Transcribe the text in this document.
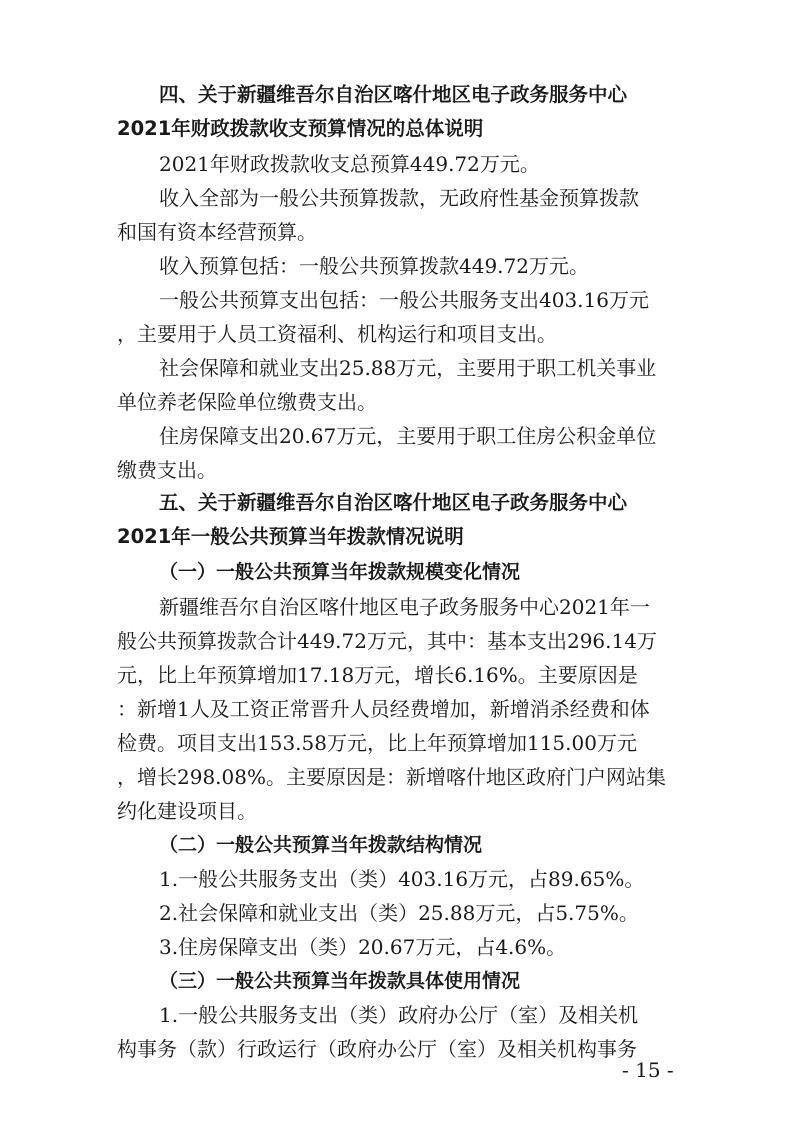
四、关于新疆维吾尔自治区喀什地区电子政务服务中心
2021年财政拨款收支预算情况的总体说明
2021年财政拨款收支总预算449.72万元。
收入全部为一般公共预算拨款，无政府性基金预算拨款
和国有资本经营预算。
收入预算包括：一般公共预算拨款449.72万元。
一般公共预算支出包括：一般公共服务支出403.16万元
，主要用于人员工资福利、机构运行和项目支出。
社会保障和就业支出25.88万元，主要用于职工机关事业
单位养老保险单位缴费支出。
住房保障支出20.67万元，主要用于职工住房公积金单位
缴费支出。
五、关于新疆维吾尔自治区喀什地区电子政务服务中心
2021年一般公共预算当年拨款情况说明
（一）一般公共预算当年拨款规模变化情况
新疆维吾尔自治区喀什地区电子政务服务中心2021年一
般公共预算拨款合计449.72万元，其中：基本支出296.14万
元，比上年预算增加17.18万元，增长6.16%。主要原因是
：新增1人及工资正常晋升人员经费增加，新增消杀经费和体
检费。项目支出153.58万元，比上年预算增加115.00万元
，增长298.08%。主要原因是：新增喀什地区政府门户网站集
约化建设项目。
（二）一般公共预算当年拨款结构情况
1.一般公共服务支出（类）403.16万元，占89.65%。
2.社会保障和就业支出（类）25.88万元，占5.75%。
3.住房保障支出（类）20.67万元，占4.6%。
（三）一般公共预算当年拨款具体使用情况
1.一般公共服务支出（类）政府办公厅（室）及相关机
构事务（款）行政运行（政府办公厅（室）及相关机构事务
- 15 -
